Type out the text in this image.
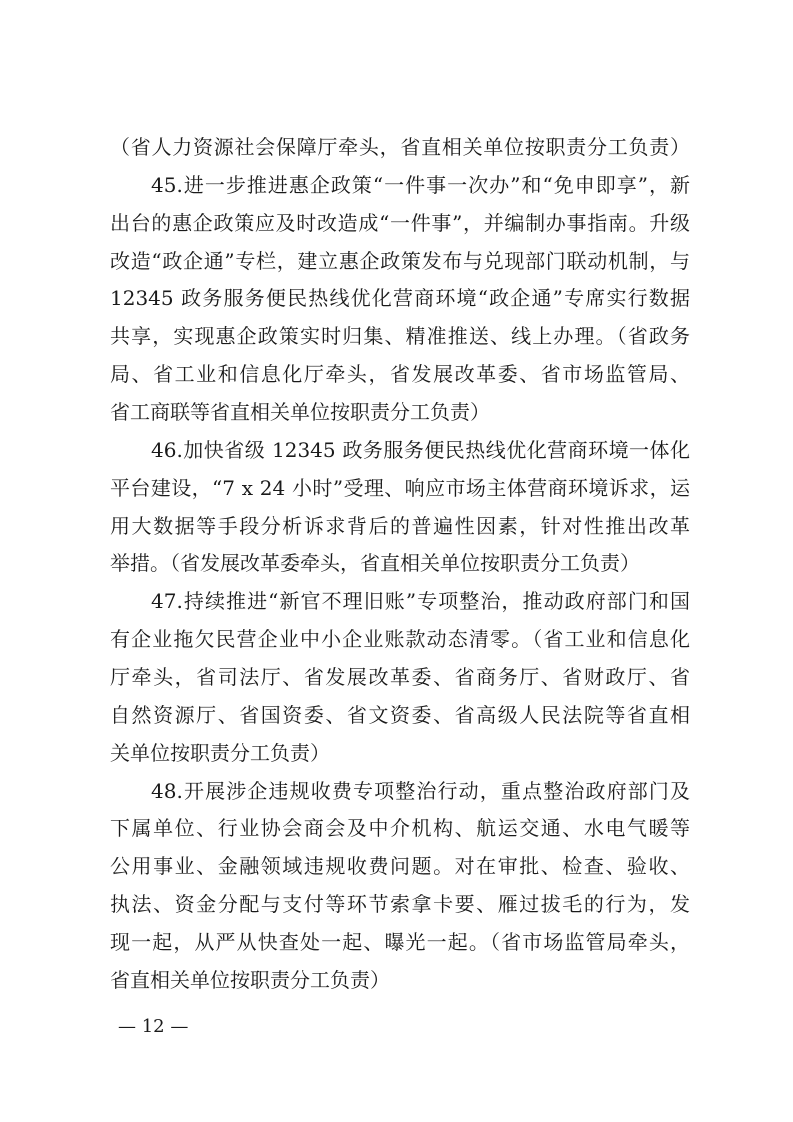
（省人力资源社会保障厅牵头，省直相关单位按职责分工负责）
45.进一步推进惠企政策“一件事一次办”和“免申即享”，新
出台的惠企政策应及时改造成“一件事”，并编制办事指南。升级
改造“政企通”专栏，建立惠企政策发布与兑现部门联动机制，与
12345 政务服务便民热线优化营商环境“政企通”专席实行数据
共享，实现惠企政策实时归集、精准推送、线上办理。（省政务
局、省工业和信息化厅牵头，省发展改革委、省市场监管局、
省工商联等省直相关单位按职责分工负责）
46.加快省级 12345 政务服务便民热线优化营商环境一体化
平台建设，“7 x 24 小时”受理、响应市场主体营商环境诉求，运
用大数据等手段分析诉求背后的普遍性因素，针对性推出改革
举措。（省发展改革委牵头，省直相关单位按职责分工负责）
47.持续推进“新官不理旧账”专项整治，推动政府部门和国
有企业拖欠民营企业中小企业账款动态清零。（省工业和信息化
厅牵头，省司法厅、省发展改革委、省商务厅、省财政厅、省
自然资源厅、省国资委、省文资委、省高级人民法院等省直相
关单位按职责分工负责）
48.开展涉企违规收费专项整治行动，重点整治政府部门及
下属单位、行业协会商会及中介机构、航运交通、水电气暖等
公用事业、金融领域违规收费问题。对在审批、检查、验收、
执法、资金分配与支付等环节索拿卡要、雁过拔毛的行为，发
现一起，从严从快查处一起、曝光一起。（省市场监管局牵头，
省直相关单位按职责分工负责）
— 12 —
